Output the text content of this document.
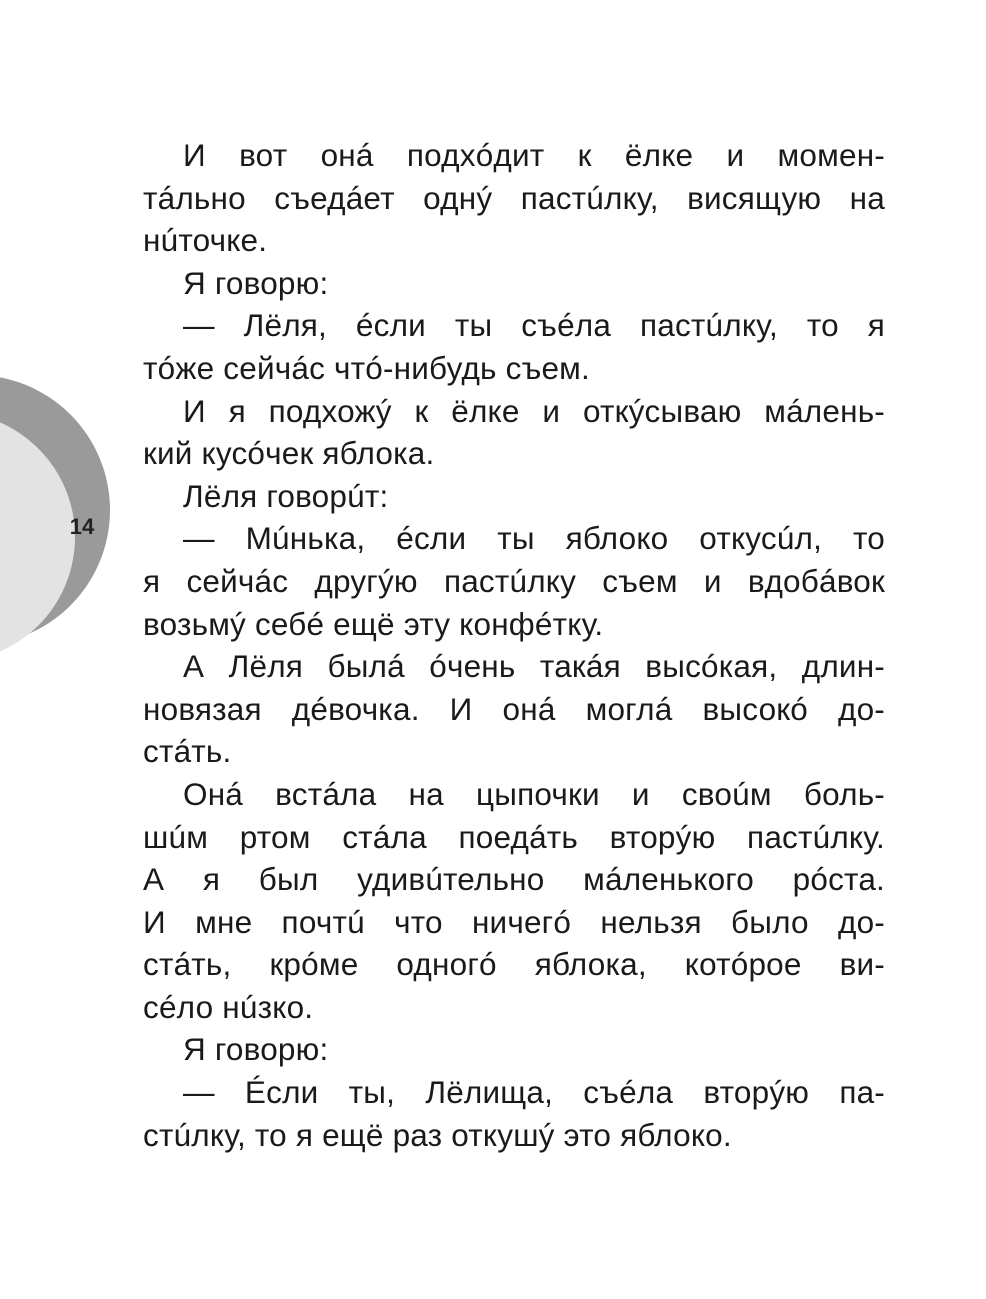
14
И вот онá подхóдит к ёлке и момен-
тáльно съедáет однý пастúлку, висящую на
нúточке.
Я говорю:
— Лёля, éсли ты съéла пастúлку, то я
тóже сейчáс чтó-нибудь съем.
И я подхожý к ёлке и откýсываю мáлень-
кий кусóчек яблока.
Лёля говорúт:
— Мúнька, éсли ты яблоко откусúл, то
я сейчáс другýю пастúлку съем и вдобáвок
возьмý себé ещё эту конфéтку.
А Лёля былá óчень такáя высóкая, длин-
новязая дéвочка. И онá моглá высокó до-
стáть.
Онá встáла на цыпочки и своúм боль-
шúм ртом стáла поедáть вторýю пастúлку.
А я был удивúтельно мáленького рóста.
И мне почтú что ничегó нельзя было до-
стáть, крóме одногó яблока, котóрое ви-
сéло нúзко.
Я говорю:
— Éсли ты, Лёлища, съéла вторýю па-
стúлку, то я ещё раз откушý это яблоко.
